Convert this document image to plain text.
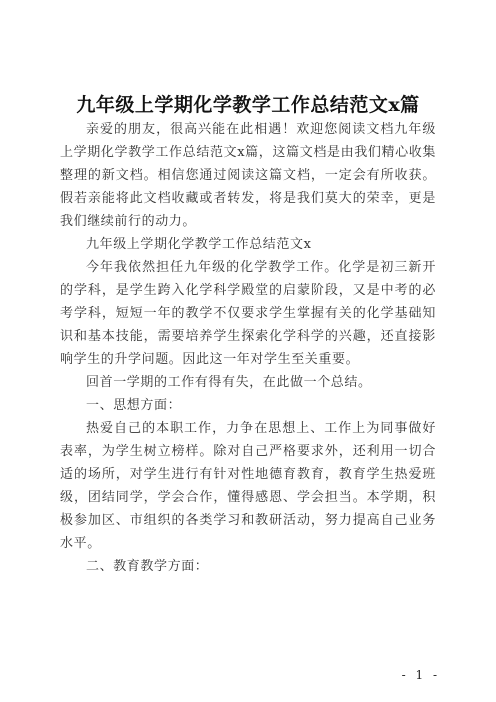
九年级上学期化学教学工作总结范文x篇

亲爱的朋友，很高兴能在此相遇！欢迎您阅读文档九年级上学期化学教学工作总结范文x篇，这篇文档是由我们精心收集整理的新文档。相信您通过阅读这篇文档，一定会有所收获。假若亲能将此文档收藏或者转发，将是我们莫大的荣幸，更是我们继续前行的动力。

九年级上学期化学教学工作总结范文x

今年我依然担任九年级的化学教学工作。化学是初三新开的学科，是学生跨入化学科学殿堂的启蒙阶段，又是中考的必考学科，短短一年的教学不仅要求学生掌握有关的化学基础知识和基本技能，需要培养学生探索化学科学的兴趣，还直接影响学生的升学问题。因此这一年对学生至关重要。

回首一学期的工作有得有失，在此做一个总结。

一、思想方面：

热爱自己的本职工作，力争在思想上、工作上为同事做好表率，为学生树立榜样。除对自己严格要求外，还利用一切合适的场所，对学生进行有针对性地德育教育，教育学生热爱班级，团结同学，学会合作，懂得感恩、学会担当。本学期，积极参加区、市组织的各类学习和教研活动，努力提高自己业务水平。

二、教育教学方面：

- 1 -
